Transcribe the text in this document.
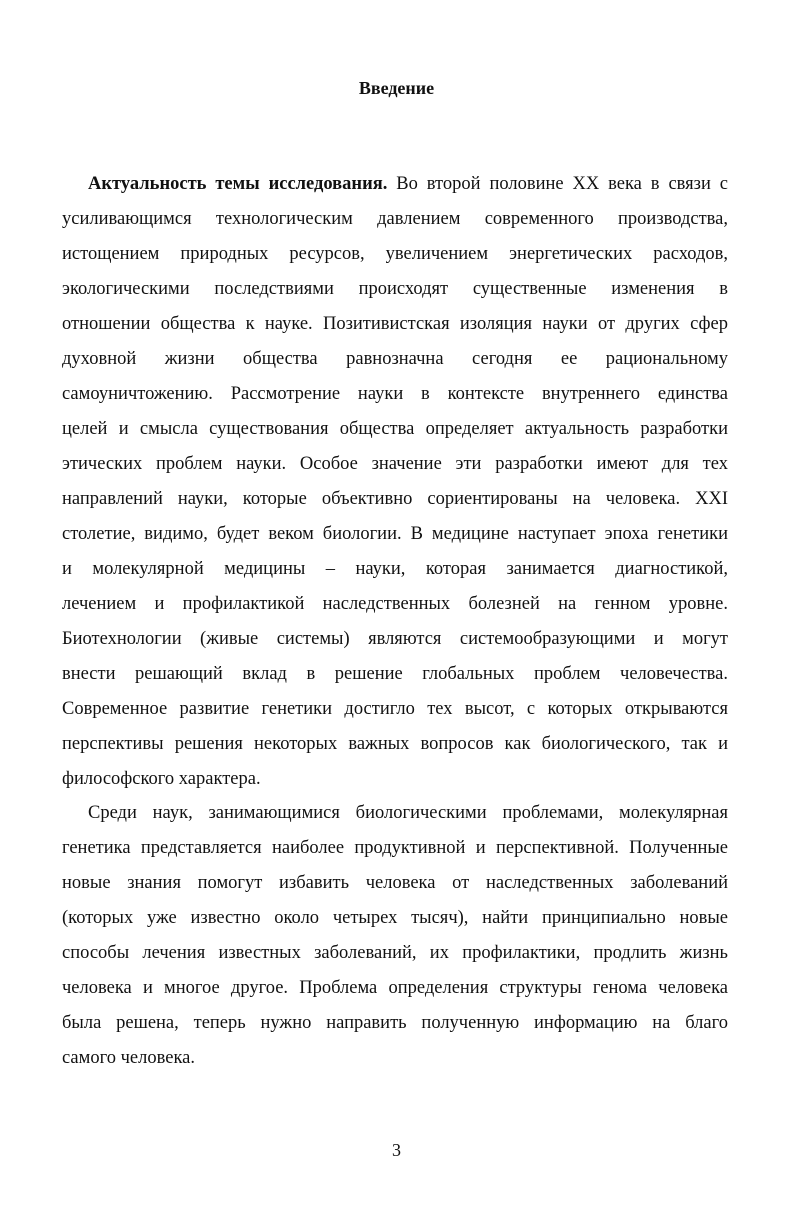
Введение
Актуальность темы исследования. Во второй половине XX века в связи с
усиливающимся технологическим давлением современного производства,
истощением природных ресурсов, увеличением энергетических расходов,
экологическими последствиями происходят существенные изменения в
отношении общества к науке. Позитивистская изоляция науки от других сфер
духовной жизни общества равнозначна сегодня ее рациональному
самоуничтожению. Рассмотрение науки в контексте внутреннего единства
целей и смысла существования общества определяет актуальность разработки
этических проблем науки. Особое значение эти разработки имеют для тех
направлений науки, которые объективно сориентированы на человека. XXI
столетие, видимо, будет веком биологии. В медицине наступает эпоха генетики
и молекулярной медицины – науки, которая занимается диагностикой,
лечением и профилактикой наследственных болезней на генном уровне.
Биотехнологии (живые системы) являются системообразующими и могут
внести решающий вклад в решение глобальных проблем человечества.
Современное развитие генетики достигло тех высот, с которых открываются
перспективы решения некоторых важных вопросов как биологического, так и
философского характера.
Среди наук, занимающимися биологическими проблемами, молекулярная
генетика представляется наиболее продуктивной и перспективной. Полученные
новые знания помогут избавить человека от наследственных заболеваний
(которых уже известно около четырех тысяч), найти принципиально новые
способы лечения известных заболеваний, их профилактики, продлить жизнь
человека и многое другое. Проблема определения структуры генома человека
была решена, теперь нужно направить полученную информацию на благо
самого человека.
3
